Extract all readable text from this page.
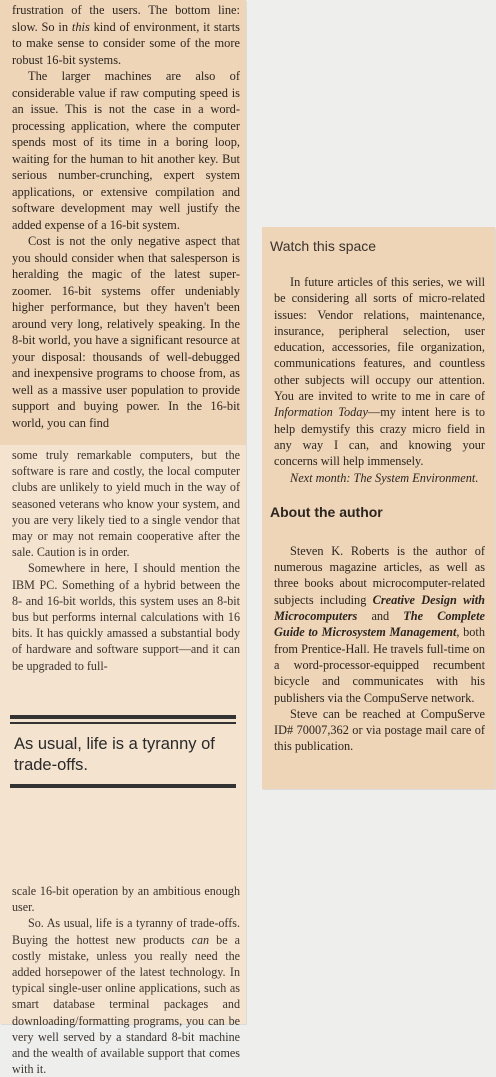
frustration of the users. The bottom line: slow. So in this kind of environment, it starts to make sense to consider some of the more robust 16-bit systems.

The larger machines are also of considerable value if raw computing speed is an issue. This is not the case in a word-processing application, where the computer spends most of its time in a boring loop, waiting for the human to hit another key. But serious number-crunching, expert system applications, or extensive compilation and software development may well justify the added expense of a 16-bit system.

Cost is not the only negative aspect that you should consider when that salesperson is heralding the magic of the latest super-zoomer. 16-bit systems offer undeniably higher performance, but they haven't been around very long, relatively speaking. In the 8-bit world, you have a significant resource at your disposal: thousands of well-debugged and inexpensive programs to choose from, as well as a massive user population to provide support and buying power. In the 16-bit world, you can find

some truly remarkable computers, but the software is rare and costly, the local computer clubs are unlikely to yield much in the way of seasoned veterans who know your system, and you are very likely tied to a single vendor that may or may not remain cooperative after the sale. Caution is in order.

Somewhere in here, I should mention the IBM PC. Something of a hybrid between the 8- and 16-bit worlds, this system uses an 8-bit bus but performs internal calculations with 16 bits. It has quickly amassed a substantial body of hardware and software support—and it can be upgraded to full-

As usual, life is a tyranny of trade-offs.

scale 16-bit operation by an ambitious enough user.

So. As usual, life is a tyranny of trade-offs. Buying the hottest new products can be a costly mistake, unless you really need the added horsepower of the latest technology. In typical single-user online applications, such as smart database terminal packages and downloading/formatting programs, you can be very well served by a standard 8-bit machine and the wealth of available support that comes with it.

Watch this space

In future articles of this series, we will be considering all sorts of micro-related issues: Vendor relations, maintenance, insurance, peripheral selection, user education, accessories, file organization, communications features, and countless other subjects will occupy our attention. You are invited to write to me in care of Information Today—my intent here is to help demystify this crazy micro field in any way I can, and knowing your concerns will help immensely.

Next month: The System Environment.

About the author

Steven K. Roberts is the author of numerous magazine articles, as well as three books about microcomputer-related subjects including Creative Design with Microcomputers and The Complete Guide to Microsystem Management, both from Prentice-Hall. He travels full-time on a word-processor-equipped recumbent bicycle and communicates with his publishers via the CompuServe network.

Steve can be reached at CompuServe ID# 70007,362 or via postage mail care of this publication.
